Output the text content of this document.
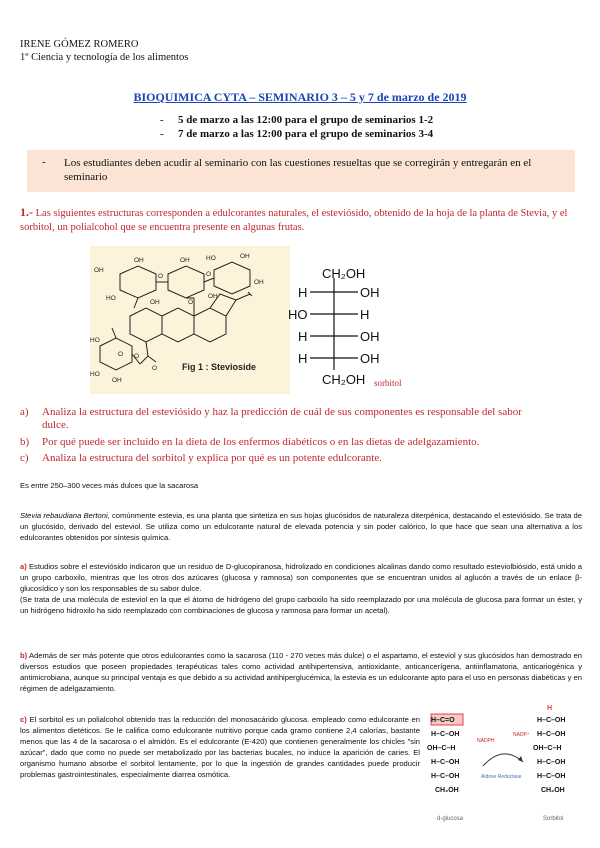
IRENE GÓMEZ ROMERO
1º Ciencia y tecnología de los alimentos
BIOQUIMICA CYTA – SEMINARIO 3 – 5 y 7 de marzo de 2019
- 5 de marzo a las 12:00 para el grupo de seminarios 1-2
- 7 de marzo a las 12:00 para el grupo de seminarios 3-4
- Los estudiantes deben acudir al seminario con las cuestiones resueltas que se corregirán y entregarán en el seminario
1.- Las siguientes estructuras corresponden a edulcorantes naturales, el esteviósido, obtenido de la hoja de la planta de Stevia, y el sorbitol, un polialcohol que se encuentra presente en algunas frutas.
OH
OH
HO
OH
OH
OH
HO	OH
OH
O
HO
HO
OH
O
O
O
O
O
Fig 1 : Stevioside
CH₂OH
H	OH
HO	H
H	OH
H	OH
CH₂OH sorbitol
a) Analiza la estructura del esteviósido y haz la predicción de cuál de sus componentes es responsable del sabor
dulce.
b) Por qué puede ser incluido en la dieta de los enfermos diabéticos o en las dietas de adelgazamiento.
c) Analiza la estructura del sorbitol y explica por qué es un potente edulcorante.
Es entre 250–300 veces más dulces que la sacarosa
Stevia rebaudiana Bertoni, comúnmente estevia, es una planta que sintetiza en sus hojas glucósidos de naturaleza diterpénica, destacando el esteviósido. Se trata de un glucósido, derivado del esteviol. Se utiliza como un edulcorante natural de elevada potencia y sin poder calórico, lo que hace que sean una alternativa a los edulcorantes obtenidos por síntesis química.
a) Estudios sobre el esteviósido indicaron que un residuo de D-glucopiranosa, hidrolizado en condiciones alcalinas dando como resultado esteviolbiósido, está unido a un grupo carboxilo, mientras que los otros dos azúcares (glucosa y ramnosa) son componentes que se encuentran unidos al aglucón a través de un enlace β-glucosídico y son los responsables de su sabor dulce.
(Se trata de una molécula de esteviol en la que el átomo de hidrógeno del grupo carboxilo ha sido reemplazado por una molécula de glucosa para formar un éster, y un hidrógeno hidroxilo ha sido reemplazado con combinaciones de glucosa y ramnosa para formar un acetal).
b) Además de ser más potente que otros edulcorantes como la sacarosa (110 - 270 veces más dulce) o el aspartamo, el esteviol y sus glucósidos han demostrado en diversos estudios que poseen propiedades terapéuticas tales como actividad antihipertensiva, antioxidante, anticancerígena, antiinflamatoria, anticariogénica y antimicrobiana, aunque su principal ventaja es que debido a su actividad antihiperglucémica, la estevia es un edulcorante apto para el uso en personas diabéticas y en régimen de adelgazamiento.
c) El sorbitol es un polialcohol obtenido tras la reducción del monosacárido glucosa. empleado como edulcorante en los alimentos dietéticos. Se le califica como edulcorante nutritivo porque cada gramo contiene 2,4 calorías, bastante menos que las 4 de la sacarosa o el almidón. Es el edulcorante (E-420) que contienen generalmente los chicles "sin azúcar", dado que como no puede ser metabolizado por las bacterias bucales, no induce la aparición de caries. El organismo humano absorbe el sorbitol lentamente, por lo que la ingestión de grandes cantidades puede producir problemas gastrointestinales, especialmente diarrea osmótica.
H–C=O
H–C–OH
OH–C–H
H–C–OH
H–C–OH
CH₂OH
H
H–C–OH
H–C–OH
OH–C–H
H–C–OH
H–C–OH
CH₂OH
NADPH
NADP⁺
Aldose Reductase
d-glucosa	Sorbitol
